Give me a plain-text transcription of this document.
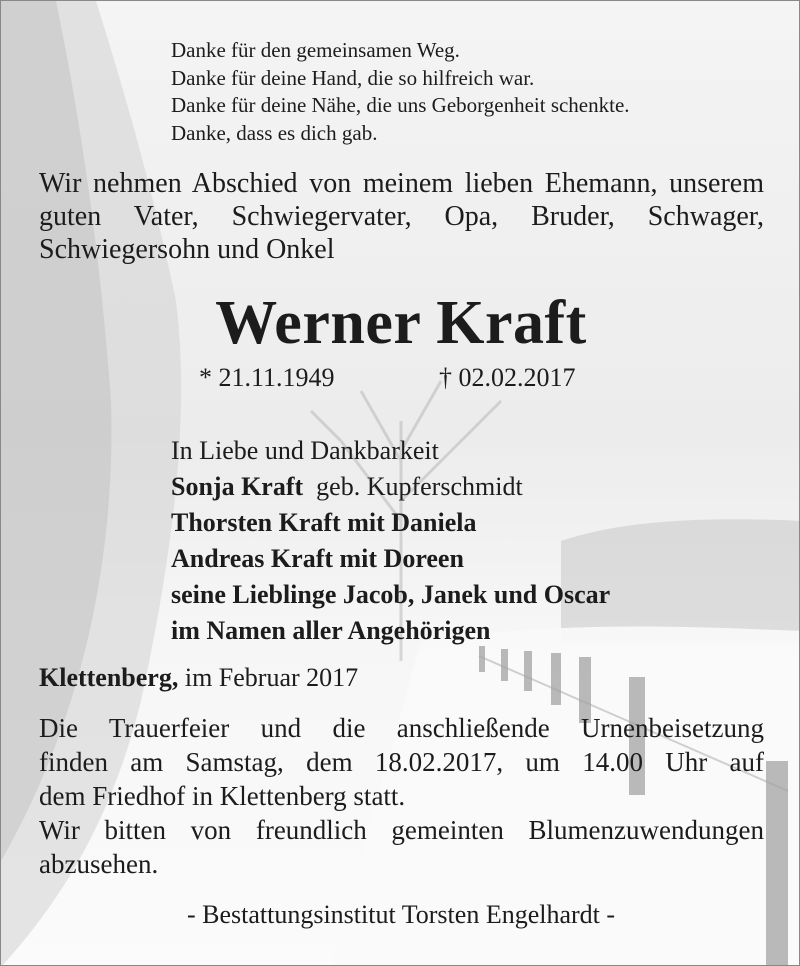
Danke für den gemeinsamen Weg.
Danke für deine Hand, die so hilfreich war.
Danke für deine Nähe, die uns Geborgenheit schenkte.
Danke, dass es dich gab.
Wir nehmen Abschied von meinem lieben Ehemann, unserem guten Vater, Schwiegervater, Opa, Bruder, Schwager, Schwiegersohn und Onkel
Werner Kraft
* 21.11.1949	† 02.02.2017
In Liebe und Dankbarkeit
Sonja Kraft geb. Kupferschmidt
Thorsten Kraft mit Daniela
Andreas Kraft mit Doreen
seine Lieblinge Jacob, Janek und Oscar
im Namen aller Angehörigen
Klettenberg, im Februar 2017
Die Trauerfeier und die anschließende Urnenbeisetzung
finden am Samstag, dem 18.02.2017, um 14.00 Uhr auf
dem Friedhof in Klettenberg statt.
Wir bitten von freundlich gemeinten Blumenzuwendungen
abzusehen.
- Bestattungsinstitut Torsten Engelhardt -
